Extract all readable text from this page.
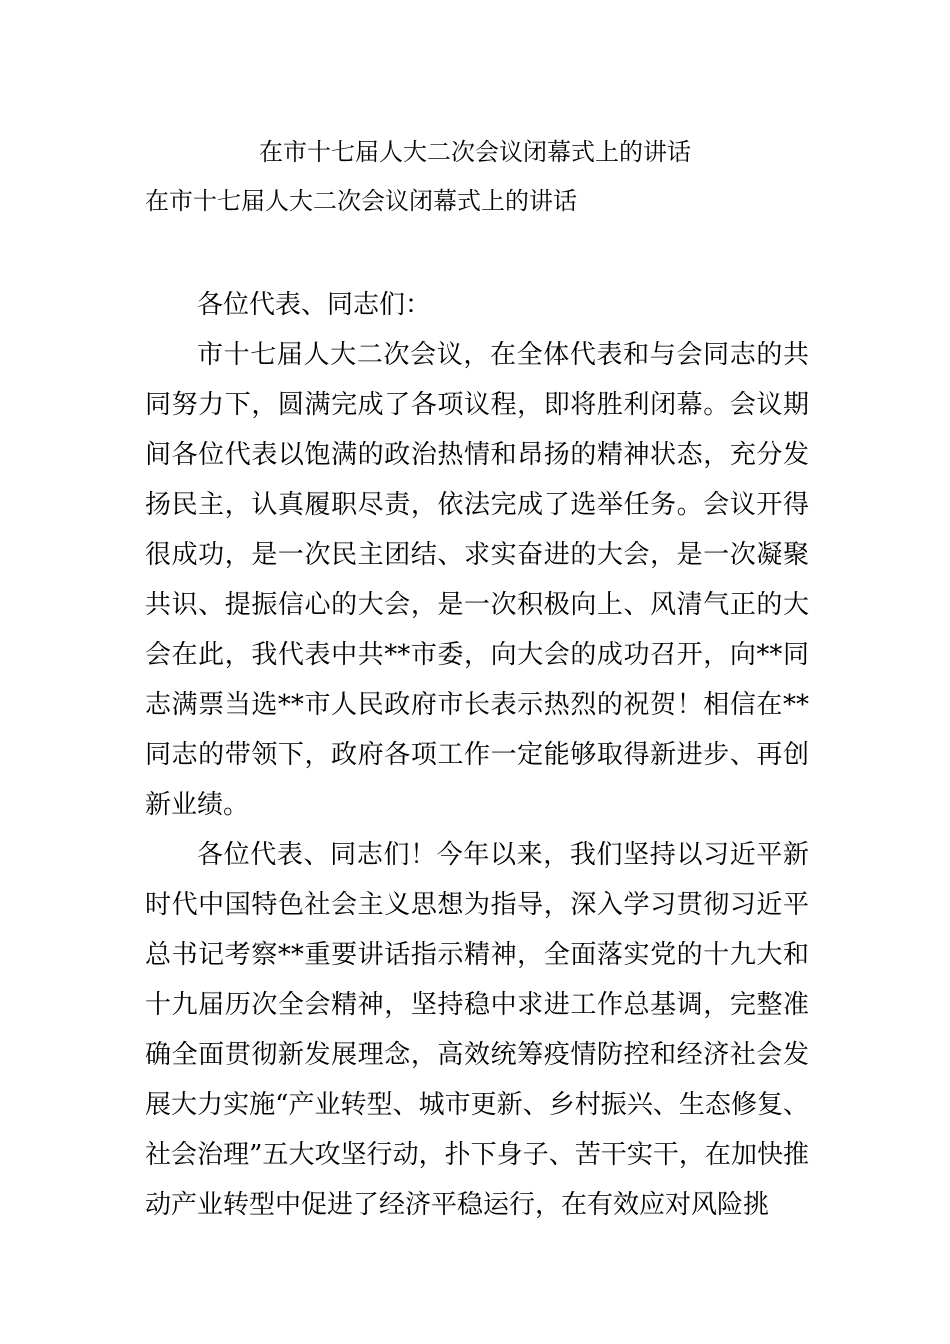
在市十七届人大二次会议闭幕式上的讲话
在市十七届人大二次会议闭幕式上的讲话

各位代表、同志们：

市十七届人大二次会议，在全体代表和与会同志的共同努力下，圆满完成了各项议程，即将胜利闭幕。会议期间各位代表以饱满的政治热情和昂扬的精神状态，充分发扬民主，认真履职尽责，依法完成了选举任务。会议开得很成功，是一次民主团结、求实奋进的大会，是一次凝聚共识、提振信心的大会，是一次积极向上、风清气正的大会在此，我代表中共**市委，向大会的成功召开，向**同志满票当选**市人民政府市长表示热烈的祝贺！相信在**同志的带领下，政府各项工作一定能够取得新进步、再创新业绩。

各位代表、同志们！今年以来，我们坚持以习近平新时代中国特色社会主义思想为指导，深入学习贯彻习近平总书记考察**重要讲话指示精神，全面落实党的十九大和十九届历次全会精神，坚持稳中求进工作总基调，完整准确全面贯彻新发展理念，高效统筹疫情防控和经济社会发展大力实施“产业转型、城市更新、乡村振兴、生态修复、社会治理”五大攻坚行动，扑下身子、苦干实干，在加快推动产业转型中促进了经济平稳运行，在有效应对风险挑
